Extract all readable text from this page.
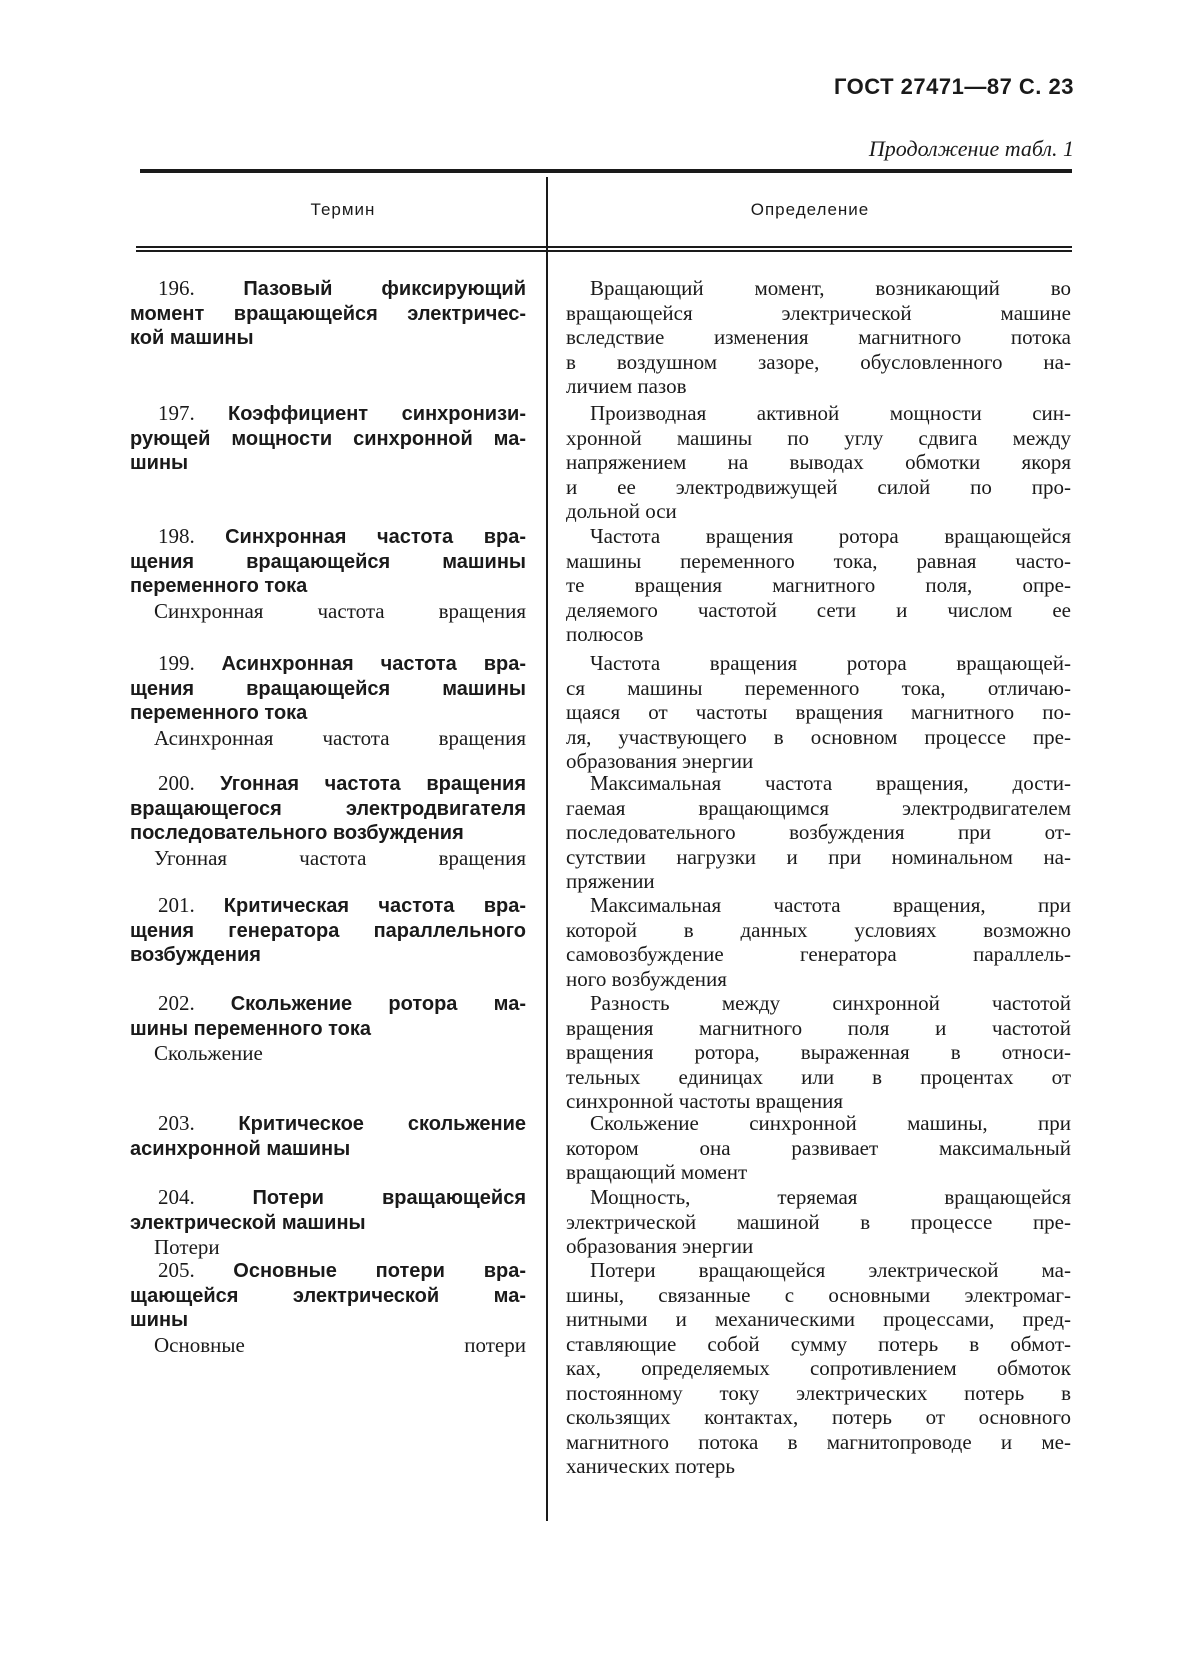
ГОСТ 27471—87 С. 23
Продолжение табл. 1
Термин	Определение
196. Пазовый фиксирующий
момент вращающейся электричес-
кой машины
Вращающий момент, возникающий во
вращающейся электрической машине
вследствие изменения магнитного потока
в воздушном зазоре, обусловленного на-
личием пазов
197. Коэффициент синхронизи-
рующей мощности синхронной ма-
шины
Производная активной мощности син-
хронной машины по углу сдвига между
напряжением на выводах обмотки якоря
и ее электродвижущей силой по про-
дольной оси
198. Синхронная частота вра-
щения вращающейся машины
переменного тока
Синхронная частота вращения
Частота вращения ротора вращающейся
машины переменного тока, равная часто-
те вращения магнитного поля, опре-
деляемого частотой сети и числом ее
полюсов
199. Асинхронная частота вра-
щения вращающейся машины
переменного тока
Асинхронная частота вращения
Частота вращения ротора вращающей-
ся машины переменного тока, отличаю-
щаяся от частоты вращения магнитного по-
ля, участвующего в основном процессе пре-
образования энергии
200. Угонная частота вращения
вращающегося электродвигателя
последовательного возбуждения
Угонная частота вращения
Максимальная частота вращения, дости-
гаемая вращающимся электродвигателем
последовательного возбуждения при от-
сутствии нагрузки и при номинальном на-
пряжении
201. Критическая частота вра-
щения генератора параллельного
возбуждения
Максимальная частота вращения, при
которой в данных условиях возможно
самовозбуждение генератора параллель-
ного возбуждения
202. Скольжение ротора ма-
шины переменного тока
Скольжение
Разность между синхронной частотой
вращения магнитного поля и частотой
вращения ротора, выраженная в относи-
тельных единицах или в процентах от
синхронной частоты вращения
203. Критическое скольжение
асинхронной машины
Скольжение синхронной машины, при
котором она развивает максимальный
вращающий момент
204. Потери вращающейся
электрической машины
Потери
Мощность, теряемая вращающейся
электрической машиной в процессе пре-
образования энергии
205. Основные потери вра-
щающейся электрической ма-
шины
Основные потери
Потери вращающейся электрической ма-
шины, связанные с основными электромаг-
нитными и механическими процессами, пред-
ставляющие собой сумму потерь в обмот-
ках, определяемых сопротивлением обмоток
постоянному току электрических потерь в
скользящих контактах, потерь от основного
магнитного потока в магнитопроводе и ме-
ханических потерь
